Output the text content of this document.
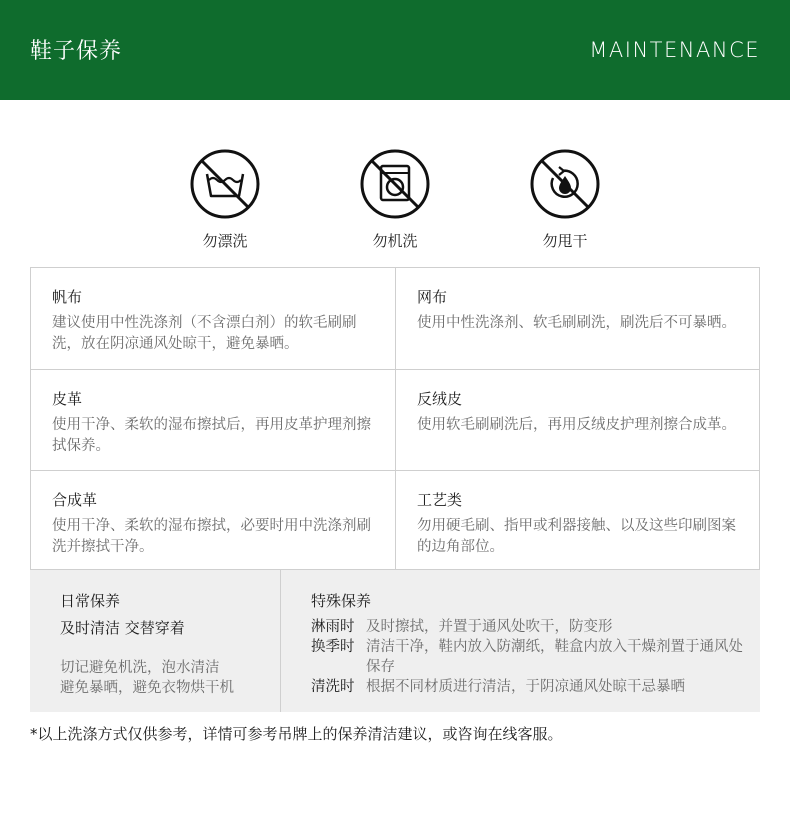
鞋子保养	MAINTENANCE
勿漂洗	勿机洗	勿甩干
帆布
建议使用中性洗涤剂（不含漂白剂）的软毛刷刷洗，放在阴凉通风处晾干，避免暴晒。
网布
使用中性洗涤剂、软毛刷刷洗，刷洗后不可暴晒。
皮革
使用干净、柔软的湿布擦拭后，再用皮革护理剂擦拭保养。
反绒皮
使用软毛刷刷洗后，再用反绒皮护理剂擦合成革。
合成革
使用干净、柔软的湿布擦拭，必要时用中洗涤剂刷洗并擦拭干净。
工艺类
勿用硬毛刷、指甲或利器接触、以及这些印刷图案的边角部位。
日常保养
及时清洁 交替穿着
切记避免机洗，泡水清洁
避免暴晒，避免衣物烘干机
特殊保养
淋雨时 及时擦拭，并置于通风处吹干，防变形
换季时 清洁干净，鞋内放入防潮纸，鞋盒内放入干燥剂置于通风处保存
清洗时 根据不同材质进行清洁，于阴凉通风处晾干忌暴晒
*以上洗涤方式仅供参考，详情可参考吊牌上的保养清洁建议，或咨询在线客服。
